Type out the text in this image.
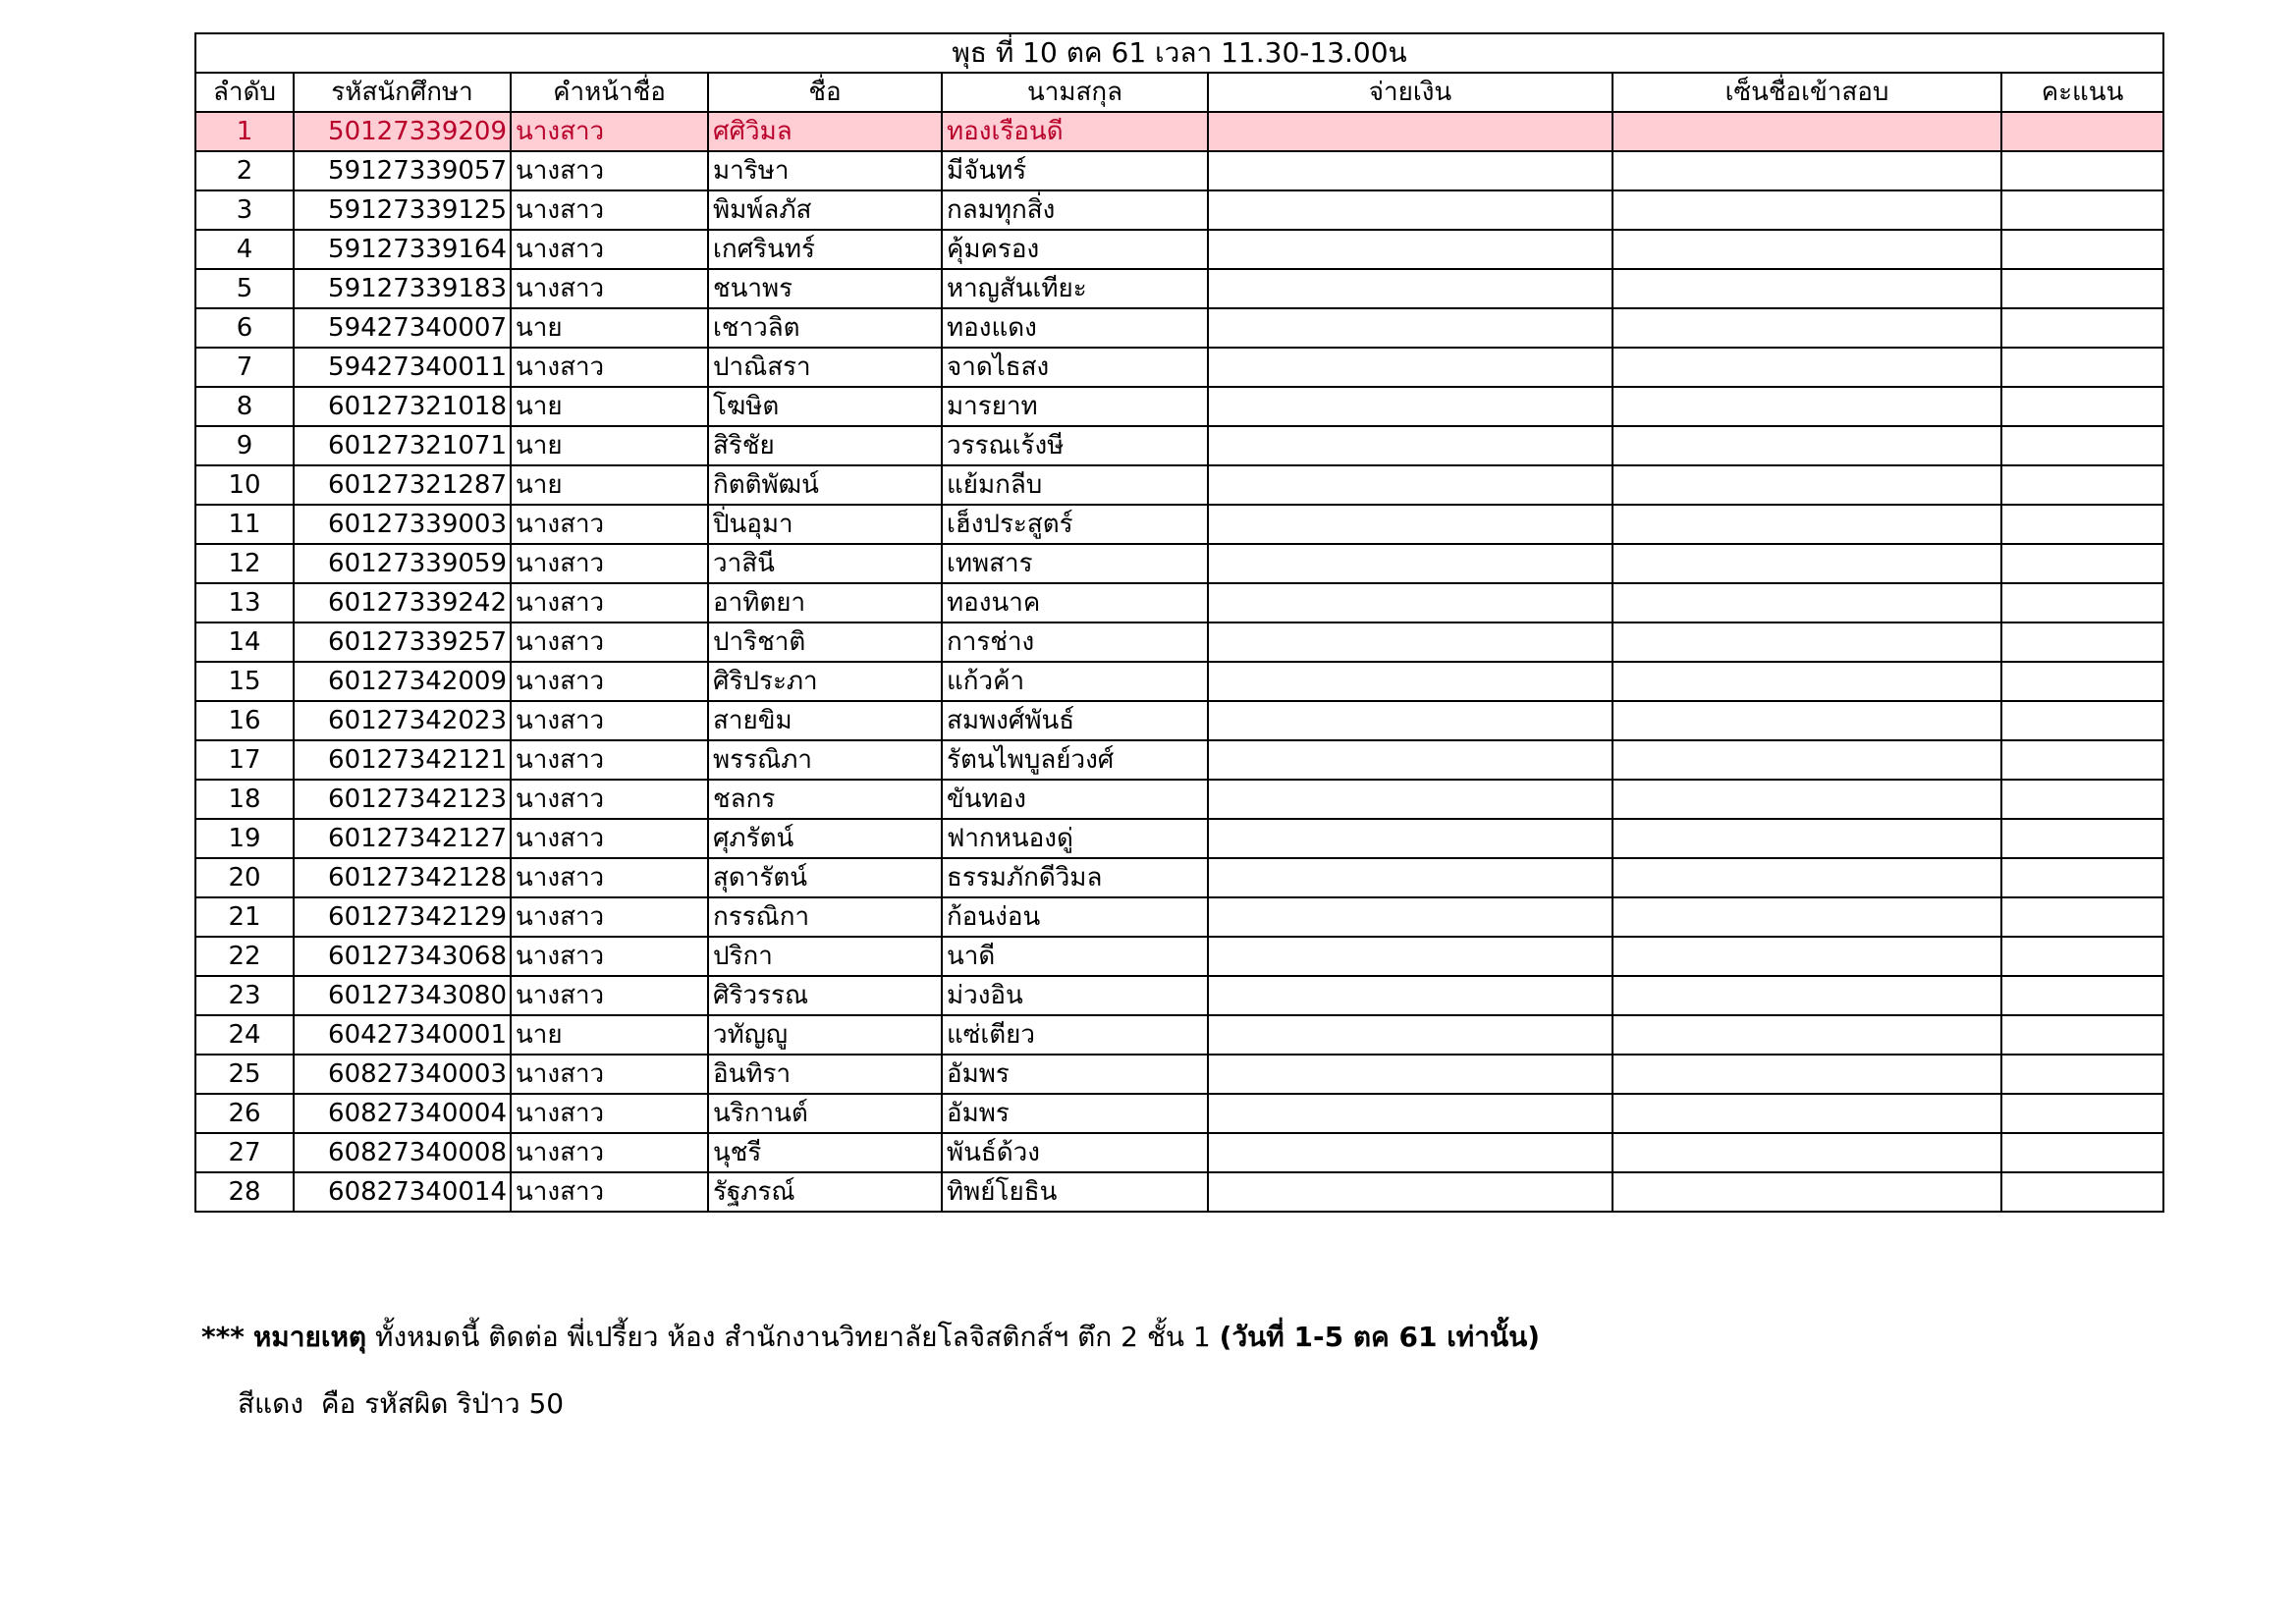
พุธ ที่ 10 ตค 61 เวลา 11.30-13.00น							
ลำดับ	รหัสนักศึกษา	คำหน้าชื่อ	ชื่อ	นามสกุล	จ่ายเงิน	เซ็นชื่อเข้าสอบ	คะแนน
1	50127339209	นางสาว	ศศิวิมล	ทองเรือนดี			
2	59127339057	นางสาว	มาริษา	มีจันทร์			
3	59127339125	นางสาว	พิมพ์ลภัส	กลมทุกสิ่ง			
4	59127339164	นางสาว	เกศรินทร์	คุ้มครอง			
5	59127339183	นางสาว	ชนาพร	หาญสันเทียะ			
6	59427340007	นาย	เชาวลิต	ทองแดง			
7	59427340011	นางสาว	ปาณิสรา	จาดไธสง			
8	60127321018	นาย	โฆษิต	มารยาท			
9	60127321071	นาย	สิริชัย	วรรณเร้งษี			
10	60127321287	นาย	กิตติพัฒน์	แย้มกลีบ			
11	60127339003	นางสาว	ปิ่นอุมา	เฮ็งประสูตร์			
12	60127339059	นางสาว	วาสินี	เทพสาร			
13	60127339242	นางสาว	อาทิตยา	ทองนาค			
14	60127339257	นางสาว	ปาริชาติ	การช่าง			
15	60127342009	นางสาว	ศิริประภา	แก้วค้า			
16	60127342023	นางสาว	สายขิม	สมพงศ์พันธ์			
17	60127342121	นางสาว	พรรณิภา	รัตนไพบูลย์วงศ์			
18	60127342123	นางสาว	ชลกร	ขันทอง			
19	60127342127	นางสาว	ศุภรัตน์	ฟากหนองดู่			
20	60127342128	นางสาว	สุดารัตน์	ธรรมภักดีวิมล			
21	60127342129	นางสาว	กรรณิกา	ก้อนง่อน			
22	60127343068	นางสาว	ปริกา	นาดี			
23	60127343080	นางสาว	ศิริวรรณ	ม่วงอิน			
24	60427340001	นาย	วทัญญู	แซ่เตียว			
25	60827340003	นางสาว	อินทิรา	อัมพร			
26	60827340004	นางสาว	นริกานต์	อัมพร			
27	60827340008	นางสาว	นุชรี	พันธ์ด้วง			
28	60827340014	นางสาว	รัฐภรณ์	ทิพย์โยธิน			
*** หมายเหตุ ทั้งหมดนี้ ติดต่อ พี่เปรี้ยว ห้อง สำนักงานวิทยาลัยโลจิสติกส์ฯ ตึก 2 ชั้น 1 (วันที่ 1-5 ตค 61 เท่านั้น)
สีแดง คือ รหัสผิด ริป่าว 50
